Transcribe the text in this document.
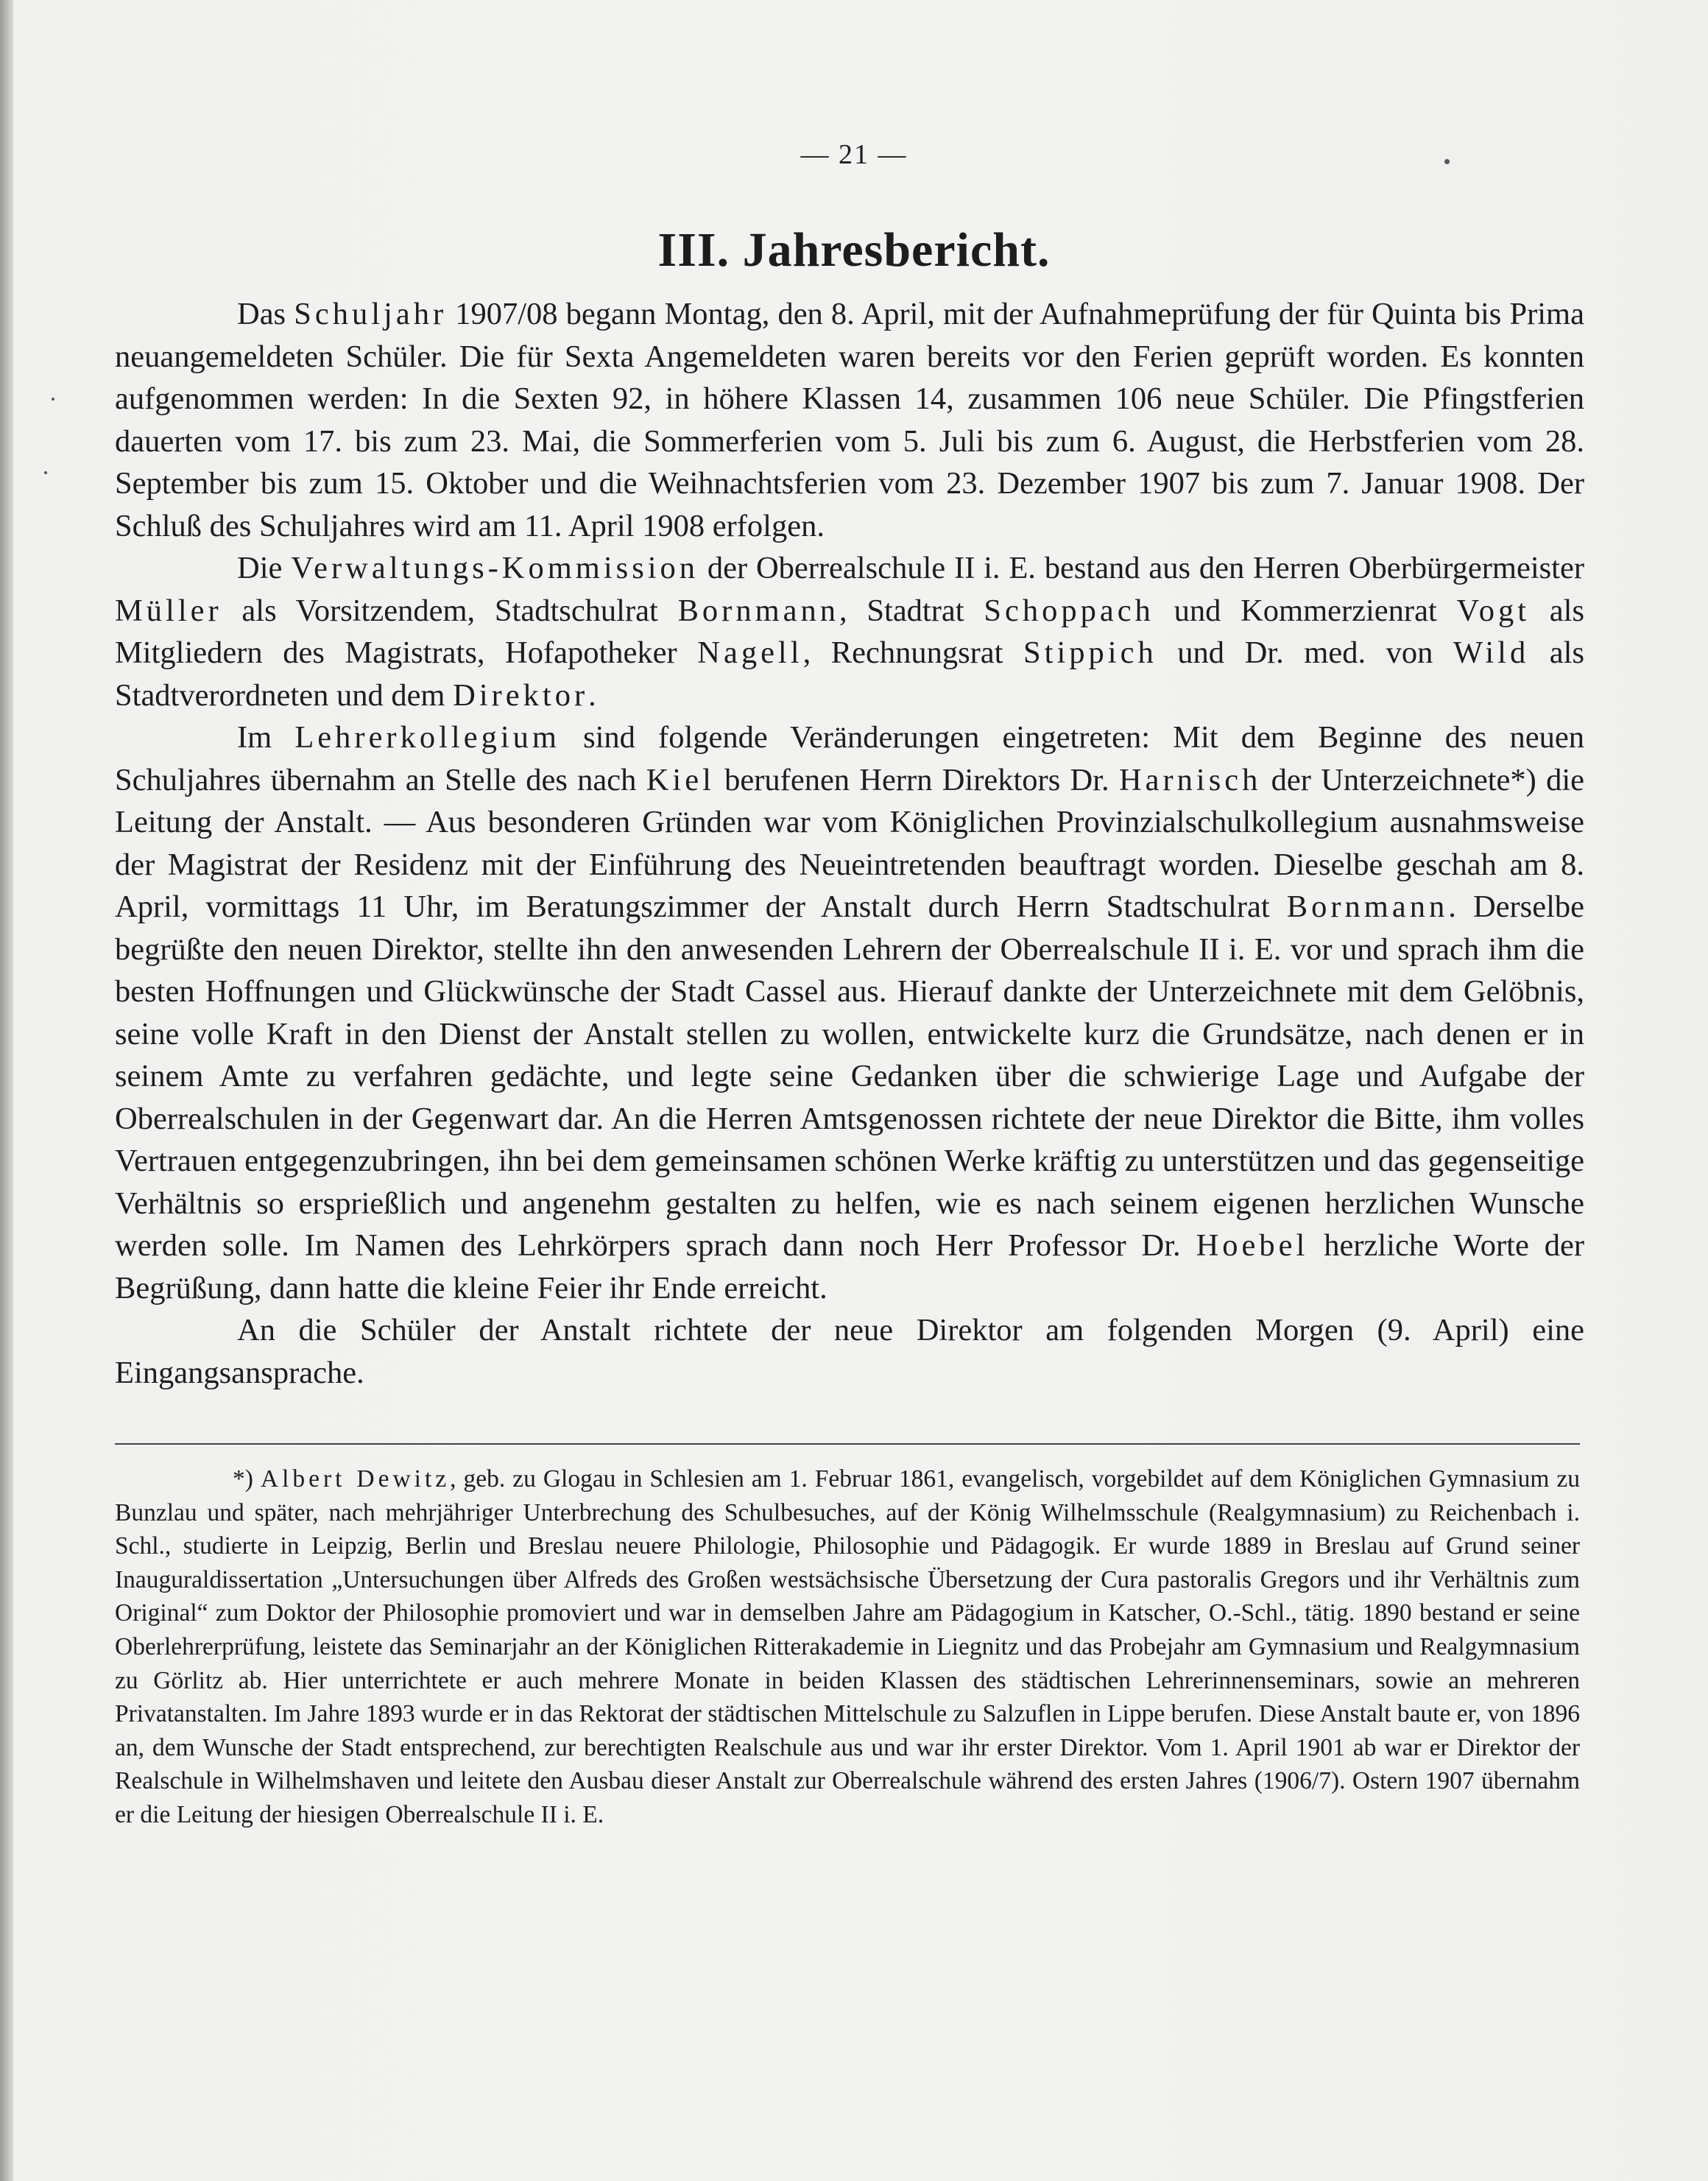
— 21 —
III. Jahresbericht.

Das Schuljahr 1907/08 begann Montag, den 8. April, mit der Aufnahmeprüfung der für Quinta bis Prima neuangemeldeten Schüler. Die für Sexta Angemeldeten waren bereits vor den Ferien geprüft worden. Es konnten aufgenommen werden: In die Sexten 92, in höhere Klassen 14, zusammen 106 neue Schüler. Die Pfingstferien dauerten vom 17. bis zum 23. Mai, die Sommerferien vom 5. Juli bis zum 6. August, die Herbstferien vom 28. September bis zum 15. Oktober und die Weihnachtsferien vom 23. Dezember 1907 bis zum 7. Januar 1908. Der Schluß des Schuljahres wird am 11. April 1908 erfolgen.

Die Verwaltungs-Kommission der Oberrealschule II i. E. bestand aus den Herren Oberbürgermeister Müller als Vorsitzendem, Stadtschulrat Bornmann, Stadtrat Schoppach und Kommerzienrat Vogt als Mitgliedern des Magistrats, Hofapotheker Nagell, Rechnungsrat Stippich und Dr. med. von Wild als Stadtverordneten und dem Direktor.

Im Lehrerkollegium sind folgende Veränderungen eingetreten: Mit dem Beginne des neuen Schuljahres übernahm an Stelle des nach Kiel berufenen Herrn Direktors Dr. Harnisch der Unterzeichnete*) die Leitung der Anstalt. — Aus besonderen Gründen war vom Königlichen Provinzialschulkollegium ausnahmsweise der Magistrat der Residenz mit der Einführung des Neueintretenden beauftragt worden. Dieselbe geschah am 8. April, vormittags 11 Uhr, im Beratungszimmer der Anstalt durch Herrn Stadtschulrat Bornmann. Derselbe begrüßte den neuen Direktor, stellte ihn den anwesenden Lehrern der Oberrealschule II i. E. vor und sprach ihm die besten Hoffnungen und Glückwünsche der Stadt Cassel aus. Hierauf dankte der Unterzeichnete mit dem Gelöbnis, seine volle Kraft in den Dienst der Anstalt stellen zu wollen, entwickelte kurz die Grundsätze, nach denen er in seinem Amte zu verfahren gedächte, und legte seine Gedanken über die schwierige Lage und Aufgabe der Oberrealschulen in der Gegenwart dar. An die Herren Amtsgenossen richtete der neue Direktor die Bitte, ihm volles Vertrauen entgegenzubringen, ihn bei dem gemeinsamen schönen Werke kräftig zu unterstützen und das gegenseitige Verhältnis so ersprießlich und angenehm gestalten zu helfen, wie es nach seinem eigenen herzlichen Wunsche werden solle. Im Namen des Lehrkörpers sprach dann noch Herr Professor Dr. Hoebel herzliche Worte der Begrüßung, dann hatte die kleine Feier ihr Ende erreicht.

An die Schüler der Anstalt richtete der neue Direktor am folgenden Morgen (9. April) eine Eingangsansprache.

*) Albert Dewitz, geb. zu Glogau in Schlesien am 1. Februar 1861, evangelisch, vorgebildet auf dem Königlichen Gymnasium zu Bunzlau und später, nach mehrjähriger Unterbrechung des Schulbesuches, auf der König Wilhelmsschule (Realgymnasium) zu Reichenbach i. Schl., studierte in Leipzig, Berlin und Breslau neuere Philologie, Philosophie und Pädagogik. Er wurde 1889 in Breslau auf Grund seiner Inauguraldissertation „Untersuchungen über Alfreds des Großen westsächsische Übersetzung der Cura pastoralis Gregors und ihr Verhältnis zum Original“ zum Doktor der Philosophie promoviert und war in demselben Jahre am Pädagogium in Katscher, O.-Schl., tätig. 1890 bestand er seine Oberlehrerprüfung, leistete das Seminarjahr an der Königlichen Ritterakademie in Liegnitz und das Probejahr am Gymnasium und Realgymnasium zu Görlitz ab. Hier unterrichtete er auch mehrere Monate in beiden Klassen des städtischen Lehrerinnenseminars, sowie an mehreren Privatanstalten. Im Jahre 1893 wurde er in das Rektorat der städtischen Mittelschule zu Salzuflen in Lippe berufen. Diese Anstalt baute er, von 1896 an, dem Wunsche der Stadt entsprechend, zur berechtigten Realschule aus und war ihr erster Direktor. Vom 1. April 1901 ab war er Direktor der Realschule in Wilhelmshaven und leitete den Ausbau dieser Anstalt zur Oberrealschule während des ersten Jahres (1906/7). Ostern 1907 übernahm er die Leitung der hiesigen Oberrealschule II i. E.
